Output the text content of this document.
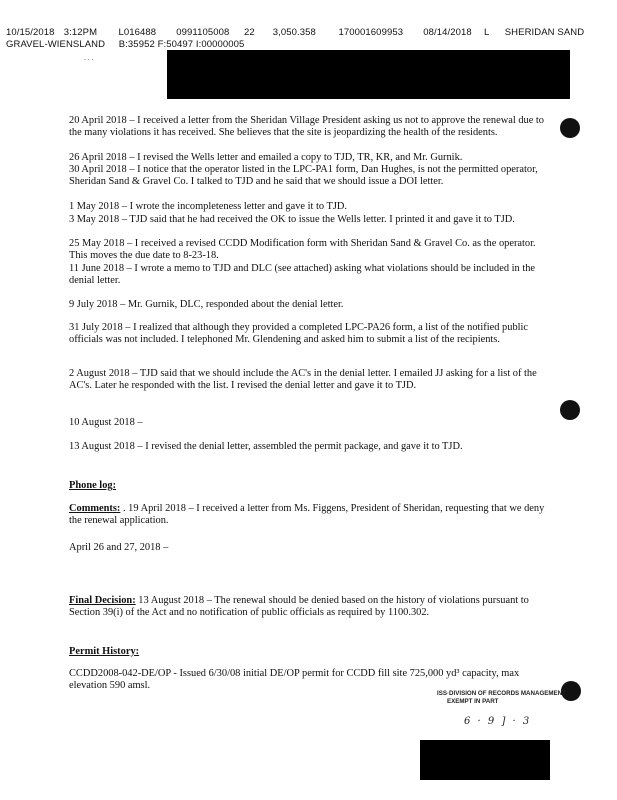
10/15/2018 3:12PM L016488 0991105008 22 3,050.358 170001609953 08/14/2018 L SHERIDAN SAND
GRAVEL-WIENSLAND B:35952 F:50497 I:00000005
. . .
20 April 2018 – I received a letter from the Sheridan Village President asking us not to approve the renewal due to the many violations it has received. She believes that the site is jeopardizing the health of the residents.
26 April 2018 – I revised the Wells letter and emailed a copy to TJD, TR, KR, and Mr. Gurnik.
30 April 2018 – I notice that the operator listed in the LPC-PA1 form, Dan Hughes, is not the permitted operator, Sheridan Sand & Gravel Co. I talked to TJD and he said that we should issue a DOI letter.
1 May 2018 – I wrote the incompleteness letter and gave it to TJD.
3 May 2018 – TJD said that he had received the OK to issue the Wells letter. I printed it and gave it to TJD.
25 May 2018 – I received a revised CCDD Modification form with Sheridan Sand & Gravel Co. as the operator. This moves the due date to 8-23-18.
11 June 2018 – I wrote a memo to TJD and DLC (see attached) asking what violations should be included in the denial letter.
9 July 2018 – Mr. Gurnik, DLC, responded about the denial letter.
31 July 2018 – I realized that although they provided a completed LPC-PA26 form, a list of the notified public officials was not included. I telephoned Mr. Glendening and asked him to submit a list of the recipients.
2 August 2018 – TJD said that we should include the AC's in the denial letter. I emailed JJ asking for a list of the AC's. Later he responded with the list. I revised the denial letter and gave it to TJD.
10 August 2018 –
13 August 2018 – I revised the denial letter, assembled the permit package, and gave it to TJD.
Phone log:
Comments: . 19 April 2018 – I received a letter from Ms. Figgens, President of Sheridan, requesting that we deny the renewal application.
April 26 and 27, 2018 –
Final Decision: 13 August 2018 – The renewal should be denied based on the history of violations pursuant to Section 39(i) of the Act and no notification of public officials as required by 1100.302.
Permit History:
CCDD2008-042-DE/OP - Issued 6/30/08 initial DE/OP permit for CCDD fill site 725,000 yd³ capacity, max elevation 590 amsl.
ISS·DIVISION OF RECORDS MANAGEMENT
EXEMPT IN PART
6 · 9 ] · 3
